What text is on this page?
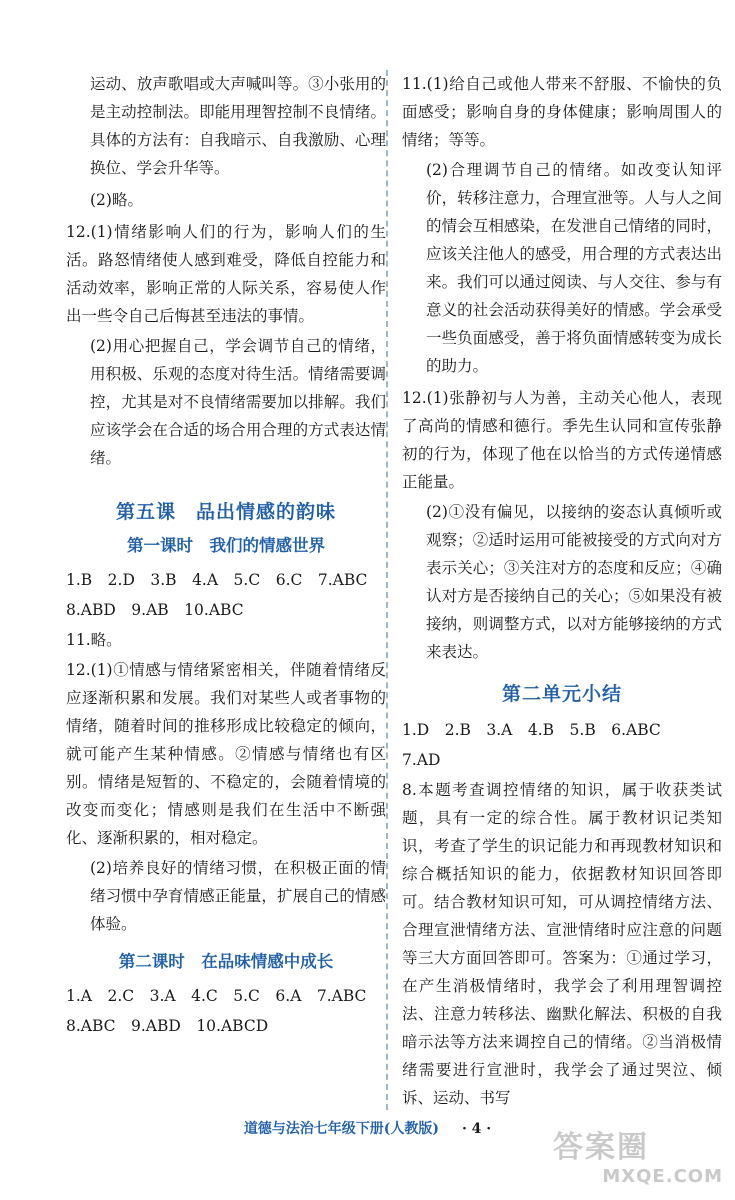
运动、放声歌唱或大声喊叫等。③小张用的是主动控制法。即能用理智控制不良情绪。具体的方法有：自我暗示、自我激励、心理换位、学会升华等。

(2)略。

12.(1)情绪影响人们的行为，影响人们的生活。路怒情绪使人感到难受，降低自控能力和活动效率，影响正常的人际关系，容易使人作出一些令自己后悔甚至违法的事情。

(2)用心把握自己，学会调节自己的情绪，用积极、乐观的态度对待生活。情绪需要调控，尤其是对不良情绪需要加以排解。我们应该学会在合适的场合用合理的方式表达情绪。

第五课　品出情感的韵味
第一课时　我们的情感世界

1.B　2.D　3.B　4.A　5.C　6.C　7.ABC

8.ABD　9.AB　10.ABC

11.略。

12.(1)①情感与情绪紧密相关，伴随着情绪反应逐渐积累和发展。我们对某些人或者事物的情绪，随着时间的推移形成比较稳定的倾向，就可能产生某种情感。②情感与情绪也有区别。情绪是短暂的、不稳定的，会随着情境的改变而变化；情感则是我们在生活中不断强化、逐渐积累的，相对稳定。

(2)培养良好的情绪习惯，在积极正面的情绪习惯中孕育情感正能量，扩展自己的情感体验。

第二课时　在品味情感中成长

1.A　2.C　3.A　4.C　5.C　6.A　7.ABC

8.ABC　9.ABD　10.ABCD

11.(1)给自己或他人带来不舒服、不愉快的负面感受；影响自身的身体健康；影响周围人的情绪；等等。

(2)合理调节自己的情绪。如改变认知评价，转移注意力，合理宣泄等。人与人之间的情会互相感染，在发泄自己情绪的同时，应该关注他人的感受，用合理的方式表达出来。我们可以通过阅读、与人交往、参与有意义的社会活动获得美好的情感。学会承受一些负面感受，善于将负面情感转变为成长的助力。

12.(1)张静初与人为善，主动关心他人，表现了高尚的情感和德行。季先生认同和宣传张静初的行为，体现了他在以恰当的方式传递情感正能量。

(2)①没有偏见，以接纳的姿态认真倾听或观察；②适时运用可能被接受的方式向对方表示关心；③关注对方的态度和反应；④确认对方是否接纳自己的关心；⑤如果没有被接纳，则调整方式，以对方能够接纳的方式来表达。

第二单元小结

1.D　2.B　3.A　4.B　5.B　6.ABC

7.AD

8.本题考查调控情绪的知识，属于收获类试题，具有一定的综合性。属于教材识记类知识，考查了学生的识记能力和再现教材知识和综合概括知识的能力，依据教材知识回答即可。结合教材知识可知，可从调控情绪方法、合理宣泄情绪方法、宣泄情绪时应注意的问题等三大方面回答即可。答案为：①通过学习，在产生消极情绪时，我学会了利用理智调控法、注意力转移法、幽默化解法、积极的自我暗示法等方法来调控自己的情绪。②当消极情绪需要进行宣泄时，我学会了通过哭泣、倾诉、运动、书写

道德与法治七年级下册(人教版) · 4 ·
答案圈
MXQE.COM
